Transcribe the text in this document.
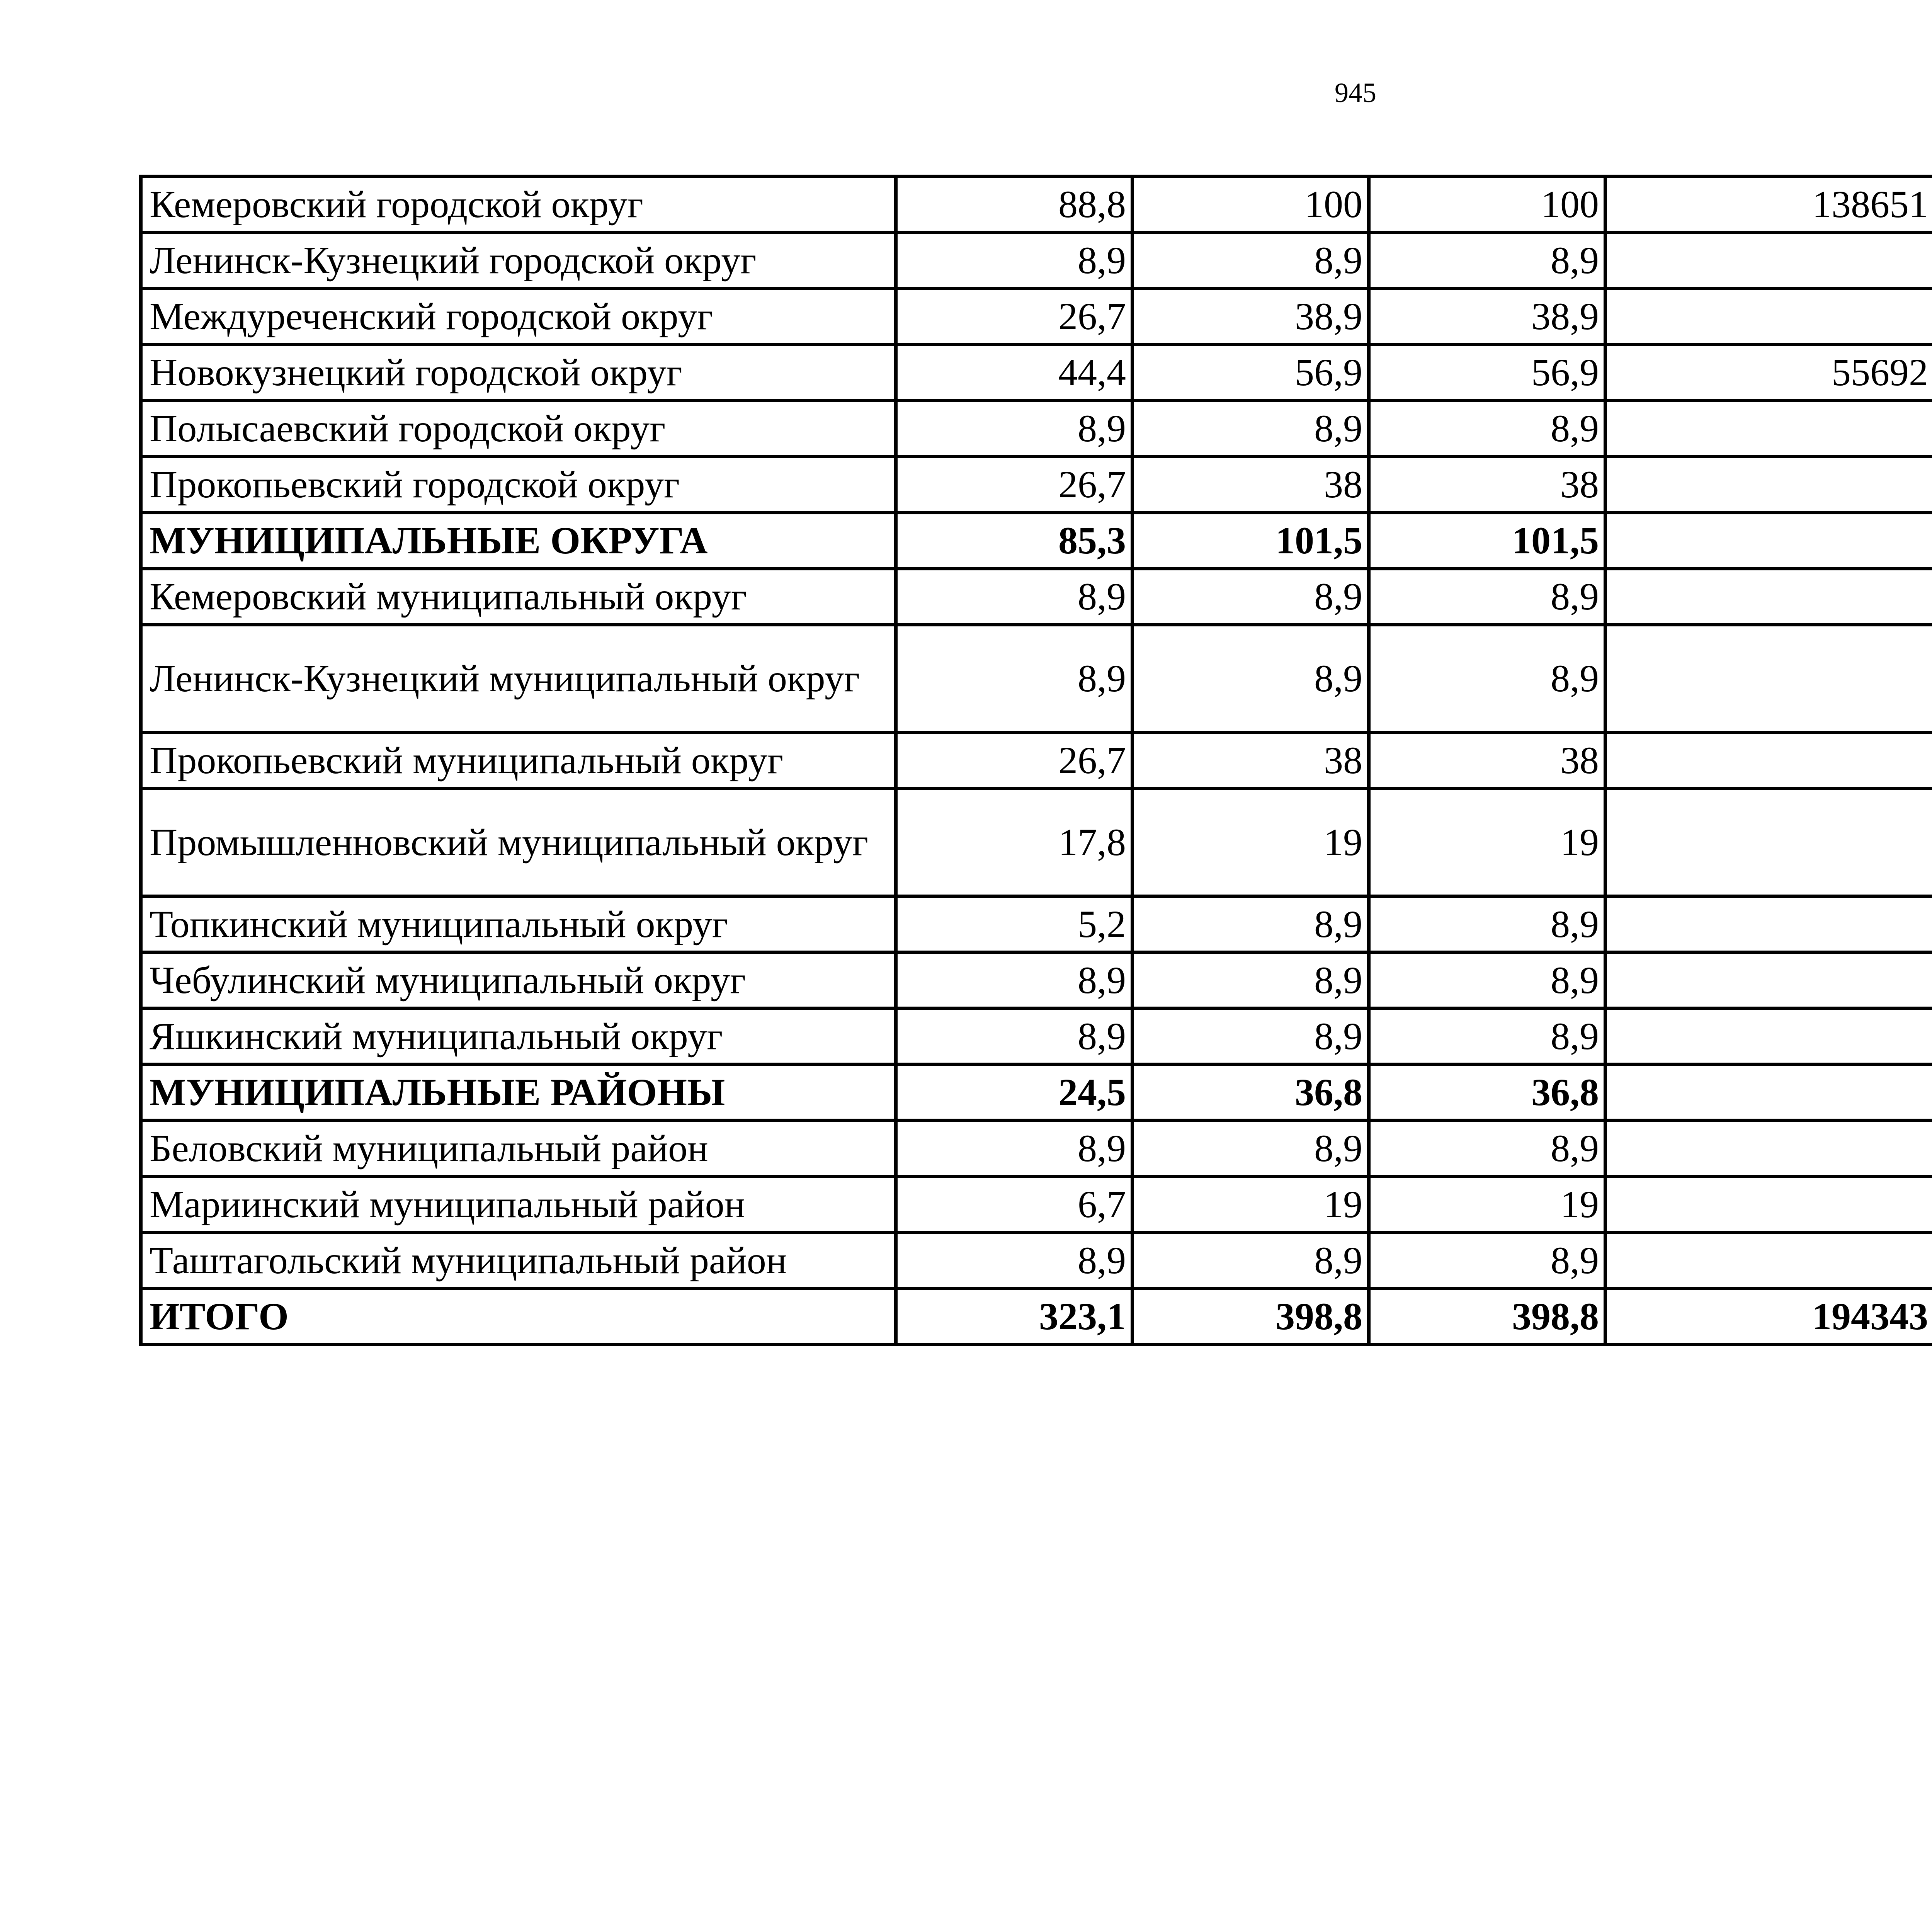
945
Кемеровский городской округ	88,8	100	100	138651		
Ленинск-Кузнецкий городской округ	8,9	8,9	8,9			
Междуреченский городской округ	26,7	38,9	38,9			
Новокузнецкий городской округ	44,4	56,9	56,9	55692		
Полысаевский городской округ	8,9	8,9	8,9			
Прокопьевский городской округ	26,7	38	38			
МУНИЦИПАЛЬНЫЕ ОКРУГА	85,3	101,5	101,5			
Кемеровский муниципальный округ	8,9	8,9	8,9			
Ленинск-Кузнецкий муниципальный округ	8,9	8,9	8,9			
Прокопьевский муниципальный округ	26,7	38	38			
Промышленновский муниципальный округ	17,8	19	19			
Топкинский муниципальный округ	5,2	8,9	8,9			
Чебулинский муниципальный округ	8,9	8,9	8,9			
Яшкинский муниципальный округ	8,9	8,9	8,9			
МУНИЦИПАЛЬНЫЕ РАЙОНЫ	24,5	36,8	36,8			
Беловский муниципальный район	8,9	8,9	8,9			
Мариинский муниципальный район	6,7	19	19			
Таштагольский муниципальный район	8,9	8,9	8,9			
ИТОГО	323,1	398,8	398,8	194343		
